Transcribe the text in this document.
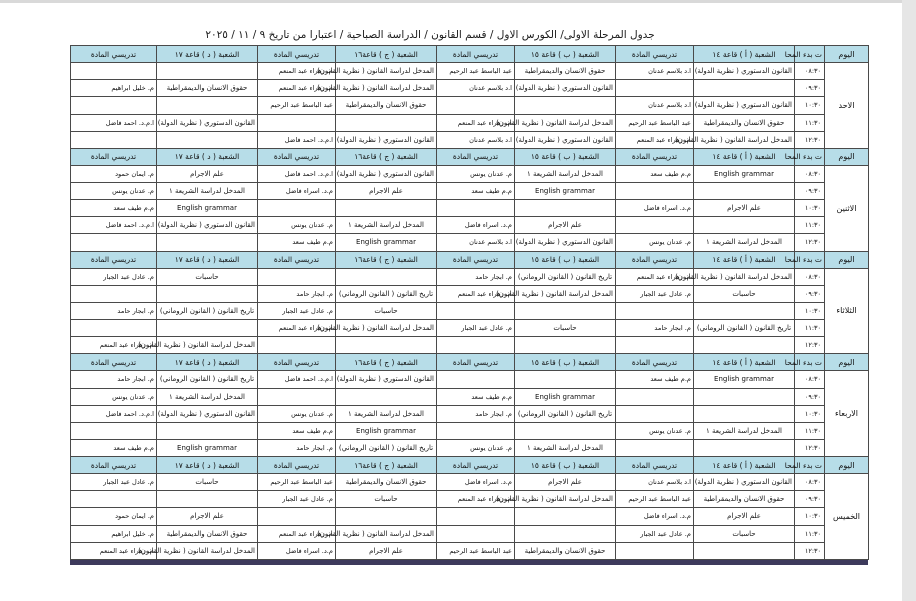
جدول المرحلة الاولى/ الكورس الاول / قسم القانون / الدراسة الصباحية / اعتبارا من تاريخ ٩ / ١١ / ٢٠٢٥
اليوم	ت بدء المحا	الشعبة ( أ ) قاعة ١٤	تدريسي المادة	الشعبة ( ب ) قاعة ١٥	تدريسي المادة	الشعبة ( ج ) قاعة١٦	تدريسي المادة	الشعبة ( د ) قاعة ١٧	تدريسي المادة
الاحد	٠٨:٣٠	القانون الدستوري ( نظرية الدولة)	ا.د بلاسم عدنان	حقوق الانسان والديمقراطية	عبد الباسط عبد الرحيم	المدخل لدراسة القانون ( نظرية القانون)	م. زهراء عبد المنعم		
	٠٩:٣٠			القانون الدستوري ( نظرية الدولة)	ا.د بلاسم عدنان	المدخل لدراسة القانون ( نظرية القانون)	م. زهراء عبد المنعم	حقوق الانسان والديمقراطية	م. خليل ابراهيم
	١٠:٣٠	القانون الدستوري ( نظرية الدولة)	ا.د بلاسم عدنان			حقوق الانسان والديمقراطية	عبد الباسط عبد الرحيم		
	١١:٣٠	حقوق الانسان والديمقراطية	عبد الباسط عبد الرحيم	المدخل لدراسة القانون ( نظرية القانون)	م. زهراء عبد المنعم			القانون الدستوري ( نظرية الدولة)	ا.م.د. احمد فاضل
	١٢:٣٠	المدخل لدراسة القانون ( نظرية القانون)	م. زهراء عبد المنعم	القانون الدستوري ( نظرية الدولة)	ا.د بلاسم عدنان	القانون الدستوري ( نظرية الدولة)	ا.م.د. احمد فاضل		
اليوم	ت بدء المحا	الشعبة ( أ ) قاعة ١٤	تدريسي المادة	الشعبة ( ب ) قاعة ١٥	تدريسي المادة	الشعبة ( ج ) قاعة١٦	تدريسي المادة	الشعبة ( د ) قاعة ١٧	تدريسي المادة
الاثنين	٠٨:٣٠	English grammar	م.م طيف سعد	المدخل لدراسة الشريعة ١	م. عدنان يونس	القانون الدستوري ( نظرية الدولة)	ا.م.د. احمد فاضل	علم الاجرام	م. ايمان حمود
	٠٩:٣٠			English grammar	م.م طيف سعد	علم الاجرام	م.د. اسراء فاضل	المدخل لدراسة الشريعة ١	م. عدنان يونس
	١٠:٣٠	علم الاجرام	م.د. اسراء فاضل					English grammar	م.م طيف سعد
	١١:٣٠			علم الاجرام	م.د. اسراء فاضل	المدخل لدراسة الشريعة ١	م. عدنان يونس	القانون الدستوري ( نظرية الدولة)	ا.م.د. احمد فاضل
	١٢:٣٠	المدخل لدراسة الشريعة ١	م. عدنان يونس	القانون الدستوري ( نظرية الدولة)	ا.د بلاسم عدنان	English grammar	م.م طيف سعد		
اليوم	ت بدء المحا	الشعبة ( أ ) قاعة ١٤	تدريسي المادة	الشعبة ( ب ) قاعة ١٥	تدريسي المادة	الشعبة ( ج ) قاعة١٦	تدريسي المادة	الشعبة ( د ) قاعة ١٧	تدريسي المادة
الثلاثاء	٠٨:٣٠	المدخل لدراسة القانون ( نظرية القانون)	م. زهراء عبد المنعم	تاريخ القانون ( القانون الروماني)	م. ابجار حامد			حاسبات	م. عادل عبد الجبار
	٠٩:٣٠	حاسبات	م. عادل عبد الجبار	المدخل لدراسة القانون ( نظرية القانون)	م. زهراء عبد المنعم	تاريخ القانون ( القانون الروماني)	م. ابجار حامد		
	١٠:٣٠					حاسبات	م. عادل عبد الجبار	تاريخ القانون ( القانون الروماني)	م. ابجار حامد
	١١:٣٠	تاريخ القانون ( القانون الروماني)	م. ابجار حامد	حاسبات	م. عادل عبد الجبار	المدخل لدراسة القانون ( نظرية القانون)	م. زهراء عبد المنعم		
	١٢:٣٠							المدخل لدراسة القانون ( نظرية القانون)	م. زهراء عبد المنعم
اليوم	ت بدء المحا	الشعبة ( أ ) قاعة ١٤	تدريسي المادة	الشعبة ( ب ) قاعة ١٥	تدريسي المادة	الشعبة ( ج ) قاعة١٦	تدريسي المادة	الشعبة ( د ) قاعة ١٧	تدريسي المادة
الاربعاء	٠٨:٣٠	English grammar	م.م طيف سعد			القانون الدستوري ( نظرية الدولة)	ا.م.د. احمد فاضل	تاريخ القانون ( القانون الروماني)	م. ابجار حامد
	٠٩:٣٠			English grammar	م.م طيف سعد			المدخل لدراسة الشريعة ١	م. عدنان يونس
	١٠:٣٠			تاريخ القانون ( القانون الروماني)	م. ابجار حامد	المدخل لدراسة الشريعة ١	م. عدنان يونس	القانون الدستوري ( نظرية الدولة)	ا.م.د. احمد فاضل
	١١:٣٠	المدخل لدراسة الشريعة ١	م. عدنان يونس			English grammar	م.م طيف سعد		
	١٢:٣٠			المدخل لدراسة الشريعة ١	م. عدنان يونس	تاريخ القانون ( القانون الروماني)	م. ابجار حامد	English grammar	م.م طيف سعد
اليوم	ت بدء المحا	الشعبة ( أ ) قاعة ١٤	تدريسي المادة	الشعبة ( ب ) قاعة ١٥	تدريسي المادة	الشعبة ( ج ) قاعة١٦	تدريسي المادة	الشعبة ( د ) قاعة ١٧	تدريسي المادة
الخميس	٠٨:٣٠	القانون الدستوري ( نظرية الدولة)	ا.د بلاسم عدنان	علم الاجرام	م.د. اسراء فاضل	حقوق الانسان والديمقراطية	عبد الباسط عبد الرحيم	حاسبات	م. عادل عبد الجبار
	٠٩:٣٠	حقوق الانسان والديمقراطية	عبد الباسط عبد الرحيم	المدخل لدراسة القانون ( نظرية القانون)	م. زهراء عبد المنعم	حاسبات	م. عادل عبد الجبار		
	١٠:٣٠	علم الاجرام	م.د. اسراء فاضل					علم الاجرام	م. ايمان حمود
	١١:٣٠	حاسبات	م. عادل عبد الجبار			المدخل لدراسة القانون ( نظرية القانون)	م. زهراء عبد المنعم	حقوق الانسان والديمقراطية	م. خليل ابراهيم
	١٢:٣٠			حقوق الانسان والديمقراطية	عبد الباسط عبد الرحيم	علم الاجرام	م.د. اسراء فاضل	المدخل لدراسة القانون ( نظرية القانون)	م. زهراء عبد المنعم
